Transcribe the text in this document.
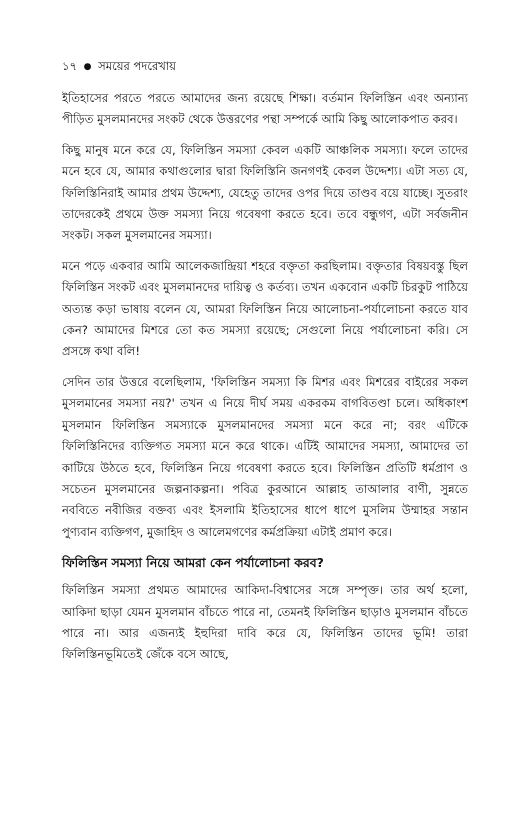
১৭ ● সময়ের পদরেখায়

ইতিহাসের পরতে পরতে আমাদের জন্য রয়েছে শিক্ষা। বর্তমান ফিলিস্তিন এবং অন্যান্য পীড়িত মুসলমানদের সংকট থেকে উত্তরণের পন্থা সম্পর্কে আমি কিছু আলোকপাত করব।

কিছু মানুষ মনে করে যে, ফিলিস্তিন সমস্যা কেবল একটি আঞ্চলিক সমস্যা। ফলে তাদের মনে হবে যে, আমার কথাগুলোর দ্বারা ফিলিস্তিনি জনগণই কেবল উদ্দেশ্য। এটা সত্য যে, ফিলিস্তিনিরাই আমার প্রথম উদ্দেশ্য, যেহেতু তাদের ওপর দিয়ে তাণ্ডব বয়ে যাচ্ছে। সুতরাং তাদেরকেই প্রথমে উক্ত সমস্যা নিয়ে গবেষণা করতে হবে। তবে বন্ধুগণ, এটা সর্বজনীন সংকট। সকল মুসলমানের সমস্যা।

মনে পড়ে একবার আমি আলেকজান্দ্রিয়া শহরে বক্তৃতা করছিলাম। বক্তৃতার বিষয়বস্তু ছিল ফিলিস্তিন সংকট এবং মুসলমানদের দায়িত্ব ও কর্তব্য। তখন একবোন একটি চিরকুট পাঠিয়ে অত্যন্ত কড়া ভাষায় বলেন যে, আমরা ফিলিস্তিন নিয়ে আলোচনা-পর্যালোচনা করতে যাব কেন? আমাদের মিশরে তো কত সমস্যা রয়েছে; সেগুলো নিয়ে পর্যালোচনা করি। সে প্রসঙ্গে কথা বলি!

সেদিন তার উত্তরে বলেছিলাম, 'ফিলিস্তিন সমস্যা কি মিশর এবং মিশরের বাইরের সকল মুসলমানের সমস্যা নয়?' তখন এ নিয়ে দীর্ঘ সময় একরকম বাগবিতণ্ডা চলে। অধিকাংশ মুসলমান ফিলিস্তিন সমস্যাকে মুসলমানদের সমস্যা মনে করে না; বরং এটিকে ফিলিস্তিনিদের ব্যক্তিগত সমস্যা মনে করে থাকে। এটিই আমাদের সমস্যা, আমাদের তা কাটিয়ে উঠতে হবে, ফিলিস্তিন নিয়ে গবেষণা করতে হবে। ফিলিস্তিন প্রতিটি ধর্মপ্রাণ ও সচেতন মুসলমানের জল্পনাকল্পনা। পবিত্র কুরআনে আল্লাহ তাআলার বাণী, সুন্নতে নববিতে নবীজির বক্তব্য এবং ইসলামি ইতিহাসের ধাপে ধাপে মুসলিম উম্মাহর সন্তান পুণ্যবান ব্যক্তিগণ, মুজাহিদ ও আলেমগণের কর্মপ্রক্রিয়া এটাই প্রমাণ করে।

ফিলিস্তিন সমস্যা নিয়ে আমরা কেন পর্যালোচনা করব?

ফিলিস্তিন সমস্যা প্রথমত আমাদের আকিদা-বিশ্বাসের সঙ্গে সম্পৃক্ত। তার অর্থ হলো, আকিদা ছাড়া যেমন মুসলমান বাঁচতে পারে না, তেমনই ফিলিস্তিন ছাড়াও মুসলমান বাঁচতে পারে না। আর এজন্যই ইহুদিরা দাবি করে যে, ফিলিস্তিন তাদের ভূমি! তারা ফিলিস্তিনভূমিতেই জেঁকে বসে আছে,
